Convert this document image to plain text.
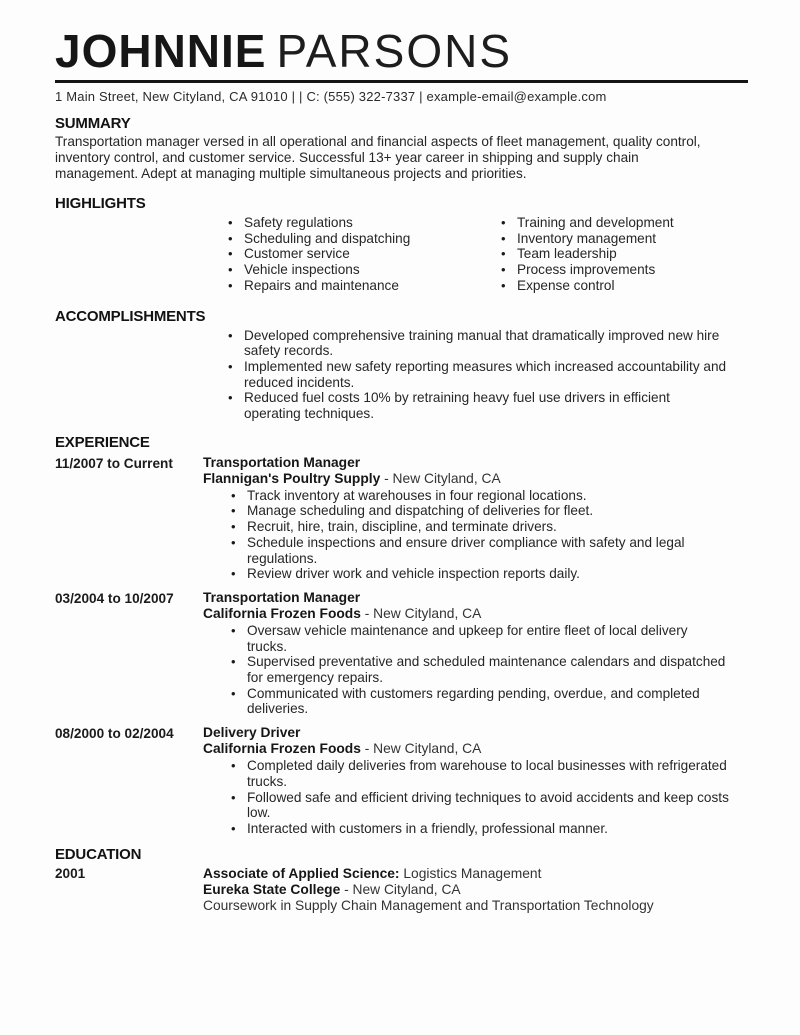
JOHNNIE PARSONS
1 Main Street, New Cityland, CA 91010 | | C: (555) 322-7337 | example-email@example.com
SUMMARY
Transportation manager versed in all operational and financial aspects of fleet management, quality control, inventory control, and customer service. Successful 13+ year career in shipping and supply chain management. Adept at managing multiple simultaneous projects and priorities.
HIGHLIGHTS
• Safety regulations
• Scheduling and dispatching
• Customer service
• Vehicle inspections
• Repairs and maintenance
• Training and development
• Inventory management
• Team leadership
• Process improvements
• Expense control
ACCOMPLISHMENTS
• Developed comprehensive training manual that dramatically improved new hire safety records.
• Implemented new safety reporting measures which increased accountability and reduced incidents.
• Reduced fuel costs 10% by retraining heavy fuel use drivers in efficient operating techniques.
EXPERIENCE
11/2007 to Current	Transportation Manager
Flannigan's Poultry Supply - New Cityland, CA
• Track inventory at warehouses in four regional locations.
• Manage scheduling and dispatching of deliveries for fleet.
• Recruit, hire, train, discipline, and terminate drivers.
• Schedule inspections and ensure driver compliance with safety and legal regulations.
• Review driver work and vehicle inspection reports daily.
03/2004 to 10/2007	Transportation Manager
California Frozen Foods - New Cityland, CA
• Oversaw vehicle maintenance and upkeep for entire fleet of local delivery trucks.
• Supervised preventative and scheduled maintenance calendars and dispatched for emergency repairs.
• Communicated with customers regarding pending, overdue, and completed deliveries.
08/2000 to 02/2004	Delivery Driver
California Frozen Foods - New Cityland, CA
• Completed daily deliveries from warehouse to local businesses with refrigerated trucks.
• Followed safe and efficient driving techniques to avoid accidents and keep costs low.
• Interacted with customers in a friendly, professional manner.
EDUCATION
2001	Associate of Applied Science: Logistics Management
Eureka State College - New Cityland, CA
Coursework in Supply Chain Management and Transportation Technology
